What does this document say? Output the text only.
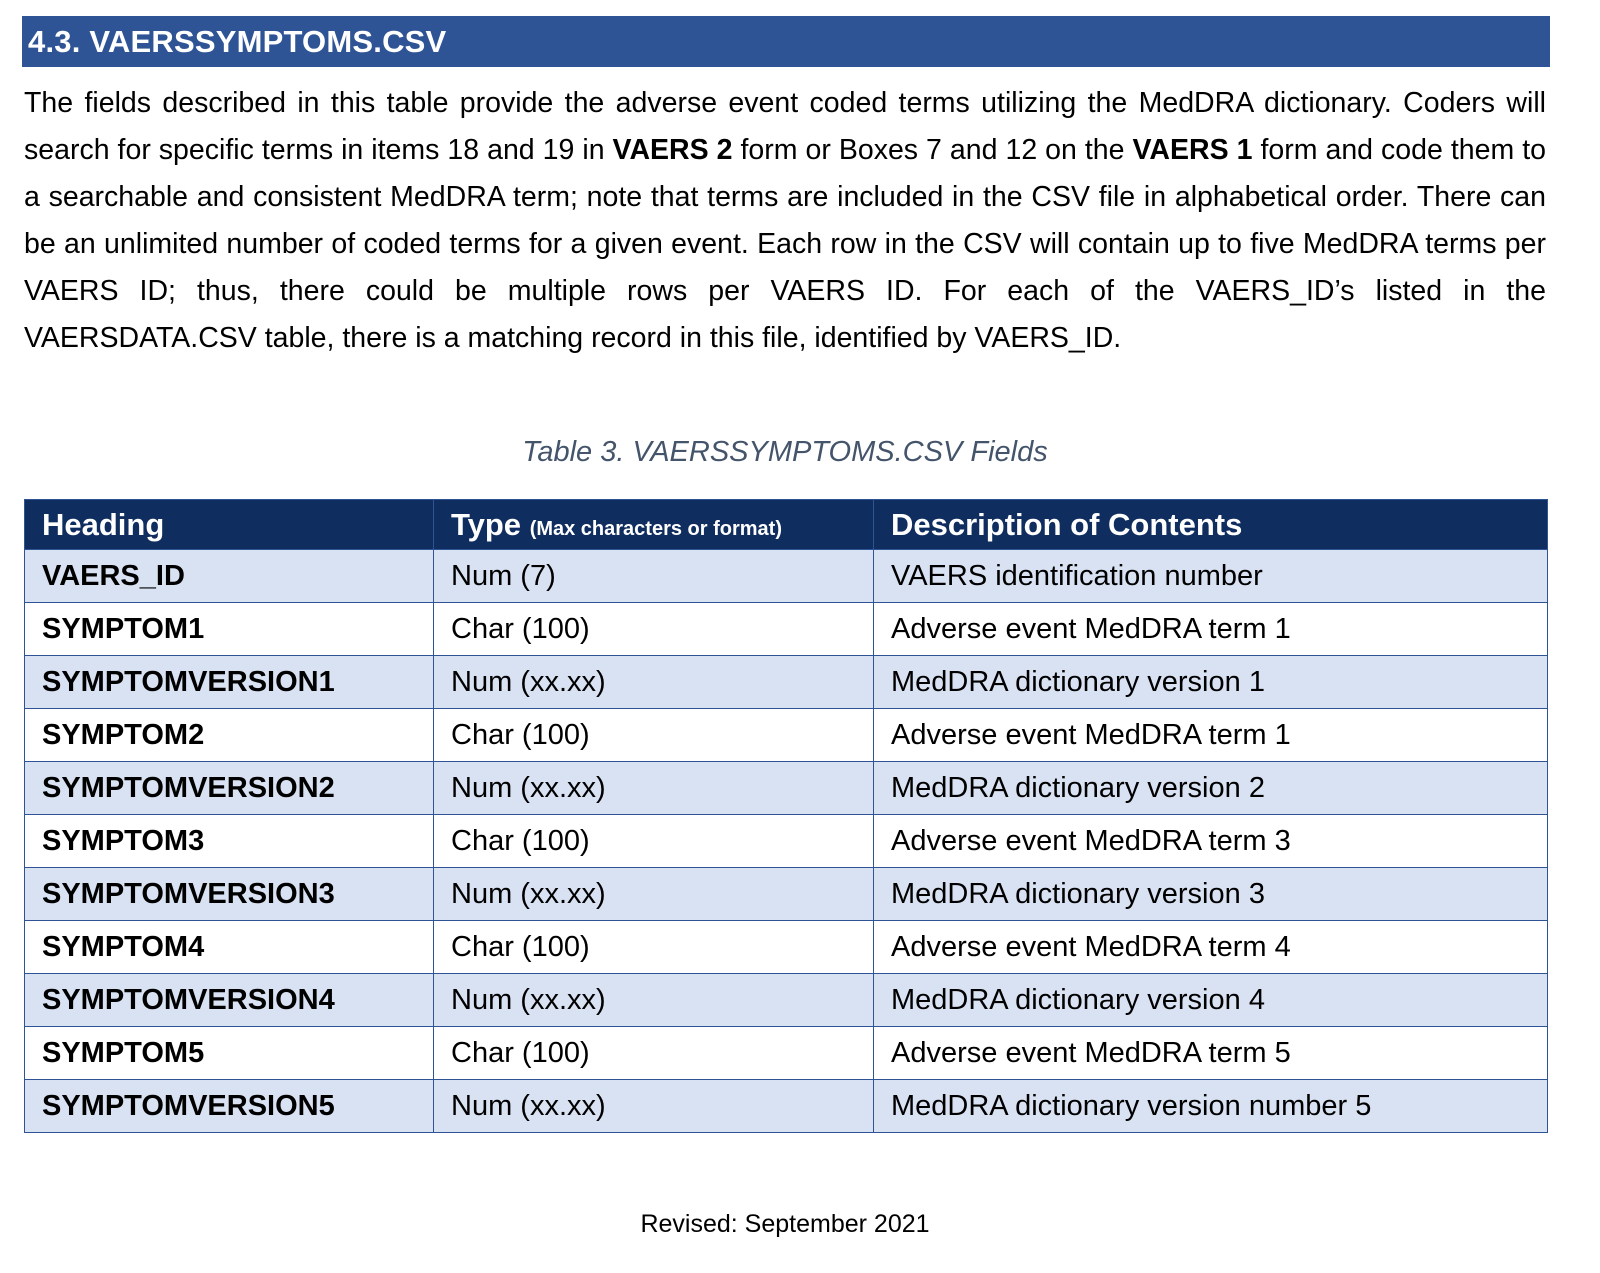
4.3. VAERSSYMPTOMS.CSV

The fields described in this table provide the adverse event coded terms utilizing the MedDRA dictionary. Coders will search for specific terms in items 18 and 19 in VAERS 2 form or Boxes 7 and 12 on the VAERS 1 form and code them to a searchable and consistent MedDRA term; note that terms are included in the CSV file in alphabetical order. There can be an unlimited number of coded terms for a given event. Each row in the CSV will contain up to five MedDRA terms per VAERS ID; thus, there could be multiple rows per VAERS ID. For each of the VAERS_ID’s listed in the VAERSDATA.CSV table, there is a matching record in this file, identified by VAERS_ID.

Table 3. VAERSSYMPTOMS.CSV Fields
Heading	Type (Max characters or format)	Description of Contents
VAERS_ID	Num (7)	VAERS identification number
SYMPTOM1	Char (100)	Adverse event MedDRA term 1
SYMPTOMVERSION1	Num (xx.xx)	MedDRA dictionary version 1
SYMPTOM2	Char (100)	Adverse event MedDRA term 1
SYMPTOMVERSION2	Num (xx.xx)	MedDRA dictionary version 2
SYMPTOM3	Char (100)	Adverse event MedDRA term 3
SYMPTOMVERSION3	Num (xx.xx)	MedDRA dictionary version 3
SYMPTOM4	Char (100)	Adverse event MedDRA term 4
SYMPTOMVERSION4	Num (xx.xx)	MedDRA dictionary version 4
SYMPTOM5	Char (100)	Adverse event MedDRA term 5
SYMPTOMVERSION5	Num (xx.xx)	MedDRA dictionary version number 5
Revised: September 2021
